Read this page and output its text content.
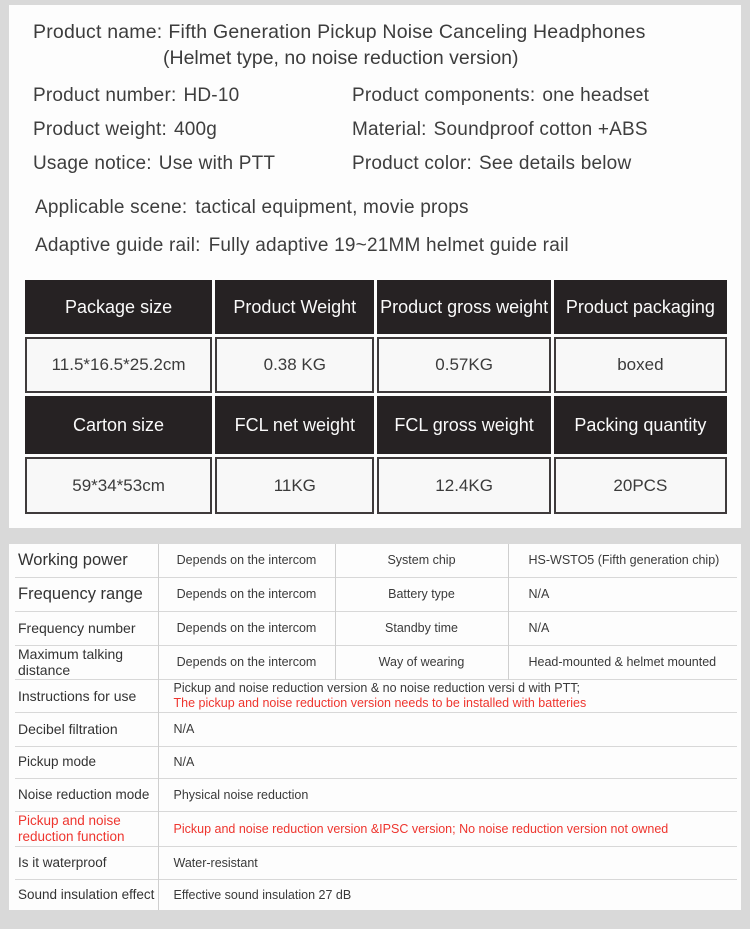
Product name: Fifth Generation Pickup Noise Canceling Headphones
(Helmet type, no noise reduction version)
Product number: HD-10	Product components: one headset
Product weight: 400g	Material: Soundproof cotton +ABS
Usage notice: Use with PTT	Product color: See details below
Applicable scene: tactical equipment, movie props
Adaptive guide rail: Fully adaptive 19~21MM helmet guide rail
Package size	Product Weight	Product gross weight	Product packaging
11.5*16.5*25.2cm	0.38 KG	0.57KG	boxed
Carton size	FCL net weight	FCL gross weight	Packing quantity
59*34*53cm	11KG	12.4KG	20PCS
Working power	Depends on the intercom	System chip	HS-WSTO5 (Fifth generation chip)
Frequency range	Depends on the intercom	Battery type	N/A
Frequency number	Depends on the intercom	Standby time	N/A
Maximum talking distance	Depends on the intercom	Way of wearing	Head-mounted & helmet mounted
Instructions for use	Pickup and noise reduction version & no noise reduction versi d with PTT;
The pickup and noise reduction version needs to be installed with batteries		

Decibel filtration	N/A		
Pickup mode	N/A		
Noise reduction mode	Physical noise reduction		
Pickup and noise reduction function	Pickup and noise reduction version &IPSC version; No noise reduction version not owned		
Is it waterproof	Water-resistant		
Sound insulation effect	Effective sound insulation 27 dB		
